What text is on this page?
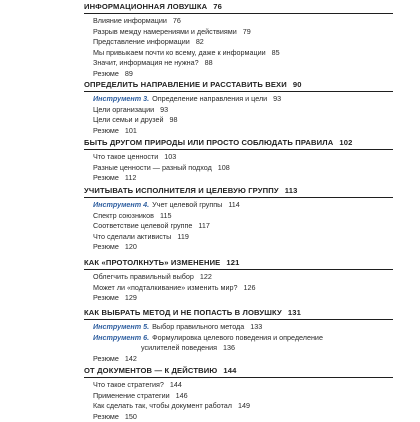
ИНФОРМАЦИОННАЯ ЛОВУШКА 76
Влияние информации 76
Разрыв между намерениями и действиями 79
Представление информации 82
Мы привыкаем почти ко всему, даже к информации 85
Значит, информация не нужна? 88
Резюме 89
ОПРЕДЕЛИТЬ НАПРАВЛЕНИЕ И РАССТАВИТЬ ВЕХИ 90
Инструмент 3. Определение направления и цели 93
Цели организации 93
Цели семьи и друзей 98
Резюме 101
БЫТЬ ДРУГОМ ПРИРОДЫ ИЛИ ПРОСТО СОБЛЮДАТЬ ПРАВИЛА 102
Что такое ценности 103
Разные ценности — разный подход 108
Резюме 112
УЧИТЫВАТЬ ИСПОЛНИТЕЛЯ И ЦЕЛЕВУЮ ГРУППУ 113
Инструмент 4. Учет целевой группы 114
Спектр союзников 115
Соответствие целевой группе 117
Что сделали активисты 119
Резюме 120
КАК «ПРОТОЛКНУТЬ» ИЗМЕНЕНИЕ 121
Облегчить правильный выбор 122
Может ли «подталкивание» изменить мир? 126
Резюме 129
КАК ВЫБРАТЬ МЕТОД И НЕ ПОПАСТЬ В ЛОВУШКУ 131
Инструмент 5. Выбор правильного метода 133
Инструмент 6. Формулировка целевого поведения и определение
усилителей поведения 136
Резюме 142
ОТ ДОКУМЕНТОВ — К ДЕЙСТВИЮ 144
Что такое стратегия? 144
Применение стратегии 146
Как сделать так, чтобы документ работал 149
Резюме 150
